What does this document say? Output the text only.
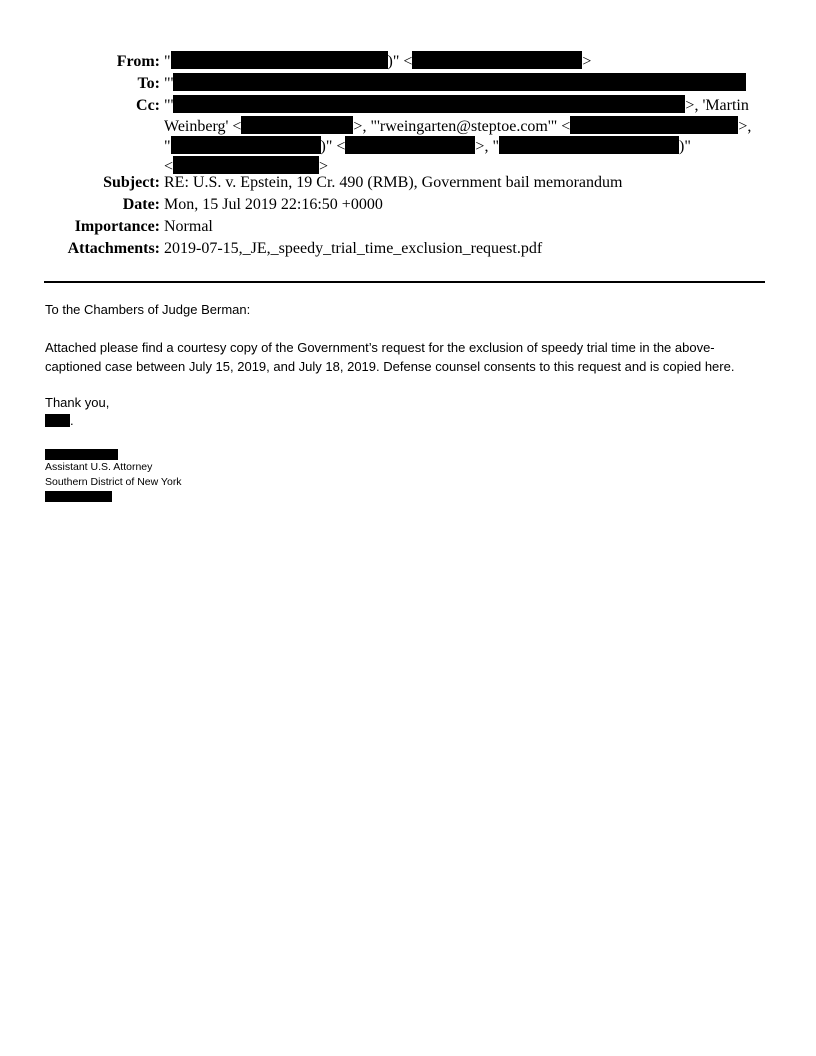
From: "	)" <	>
To: "'
Cc: "'	>, 'Martin
Weinberg' <	>, "'rweingarten@steptoe.com'" <	>,
"	)" <	>, "	)"
<	>
Subject: RE: U.S. v. Epstein, 19 Cr. 490 (RMB), Government bail memorandum
Date: Mon, 15 Jul 2019 22:16:50 +0000
Importance: Normal
Attachments: 2019-07-15,_JE,_speedy_trial_time_exclusion_request.pdf

To the Chambers of Judge Berman:

Attached please find a courtesy copy of the Government’s request for the exclusion of speedy trial time in the above-

captioned case between July 15, 2019, and July 18, 2019. Defense counsel consents to this request and is copied here.

Thank you,

.

Assistant U.S. Attorney
Southern District of New York
